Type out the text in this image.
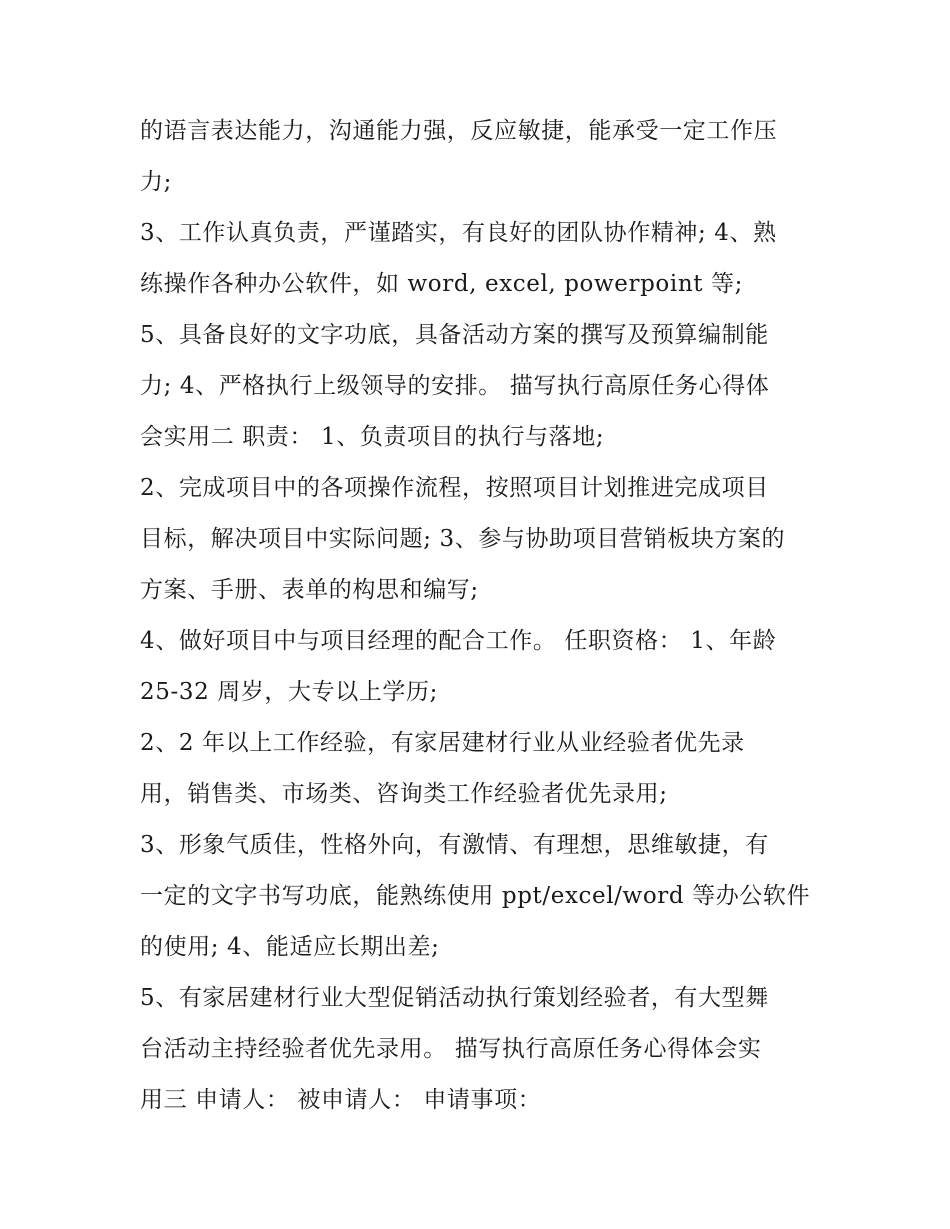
的语言表达能力，沟通能力强，反应敏捷，能承受一定工作压
力;
3、工作认真负责，严谨踏实，有良好的团队协作精神; 4、熟
练操作各种办公软件，如 word, excel, powerpoint 等;
5、具备良好的文字功底，具备活动方案的撰写及预算编制能
力; 4、严格执行上级领导的安排。 描写执行高原任务心得体
会实用二 职责： 1、负责项目的执行与落地;
2、完成项目中的各项操作流程，按照项目计划推进完成项目
目标，解决项目中实际问题; 3、参与协助项目营销板块方案的
方案、手册、表单的构思和编写;
4、做好项目中与项目经理的配合工作。 任职资格： 1、年龄
25-32 周岁，大专以上学历;
2、2 年以上工作经验，有家居建材行业从业经验者优先录
用，销售类、市场类、咨询类工作经验者优先录用;
3、形象气质佳，性格外向，有激情、有理想，思维敏捷，有
一定的文字书写功底，能熟练使用 ppt/excel/word 等办公软件
的使用; 4、能适应长期出差;
5、有家居建材行业大型促销活动执行策划经验者，有大型舞
台活动主持经验者优先录用。 描写执行高原任务心得体会实
用三 申请人： 被申请人： 申请事项：
